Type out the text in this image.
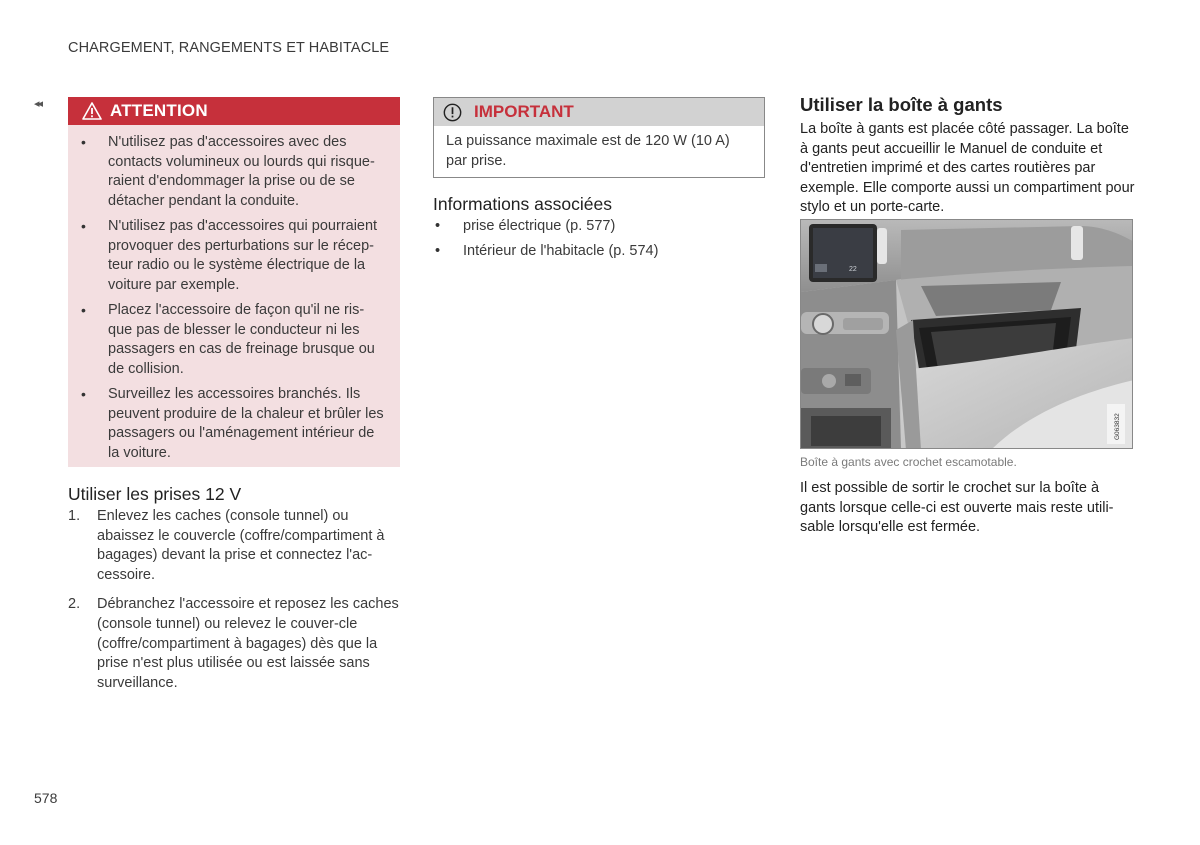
CHARGEMENT, RANGEMENTS ET HABITACLE
◂◂	ATTENTION
• N'utilisez pas d'accessoires avec des contacts volumineux ou lourds qui risque-raient d'endommager la prise ou de se détacher pendant la conduite.
• N'utilisez pas d'accessoires qui pourraient provoquer des perturbations sur le récep-teur radio ou le système électrique de la voiture par exemple.
• Placez l'accessoire de façon qu'il ne ris-que pas de blesser le conducteur ni les passagers en cas de freinage brusque ou de collision.
• Surveillez les accessoires branchés. Ils peuvent produire de la chaleur et brûler les passagers ou l'aménagement intérieur de la voiture.
Utiliser les prises 12 V
1. Enlevez les caches (console tunnel) ou abaissez le couvercle (coffre/compartiment à bagages) devant la prise et connectez l'ac-cessoire.
2. Débranchez l'accessoire et reposez les caches (console tunnel) ou relevez le couver-cle (coffre/compartiment à bagages) dès que la prise n'est plus utilisée ou est laissée sans surveillance.
IMPORTANT
La puissance maximale est de 120 W (10 A) par prise.
Informations associées
• prise électrique (p. 577)
• Intérieur de l'habitacle (p. 574)
Utiliser la boîte à gants
La boîte à gants est placée côté passager. La boîte à gants peut accueillir le Manuel de conduite et d'entretien imprimé et des cartes routières par exemple. Elle comporte aussi un compartiment pour stylo et un porte-carte.
22
G063832
Boîte à gants avec crochet escamotable.
Il est possible de sortir le crochet sur la boîte à gants lorsque celle-ci est ouverte mais reste utili-sable lorsqu'elle est fermée.
578
